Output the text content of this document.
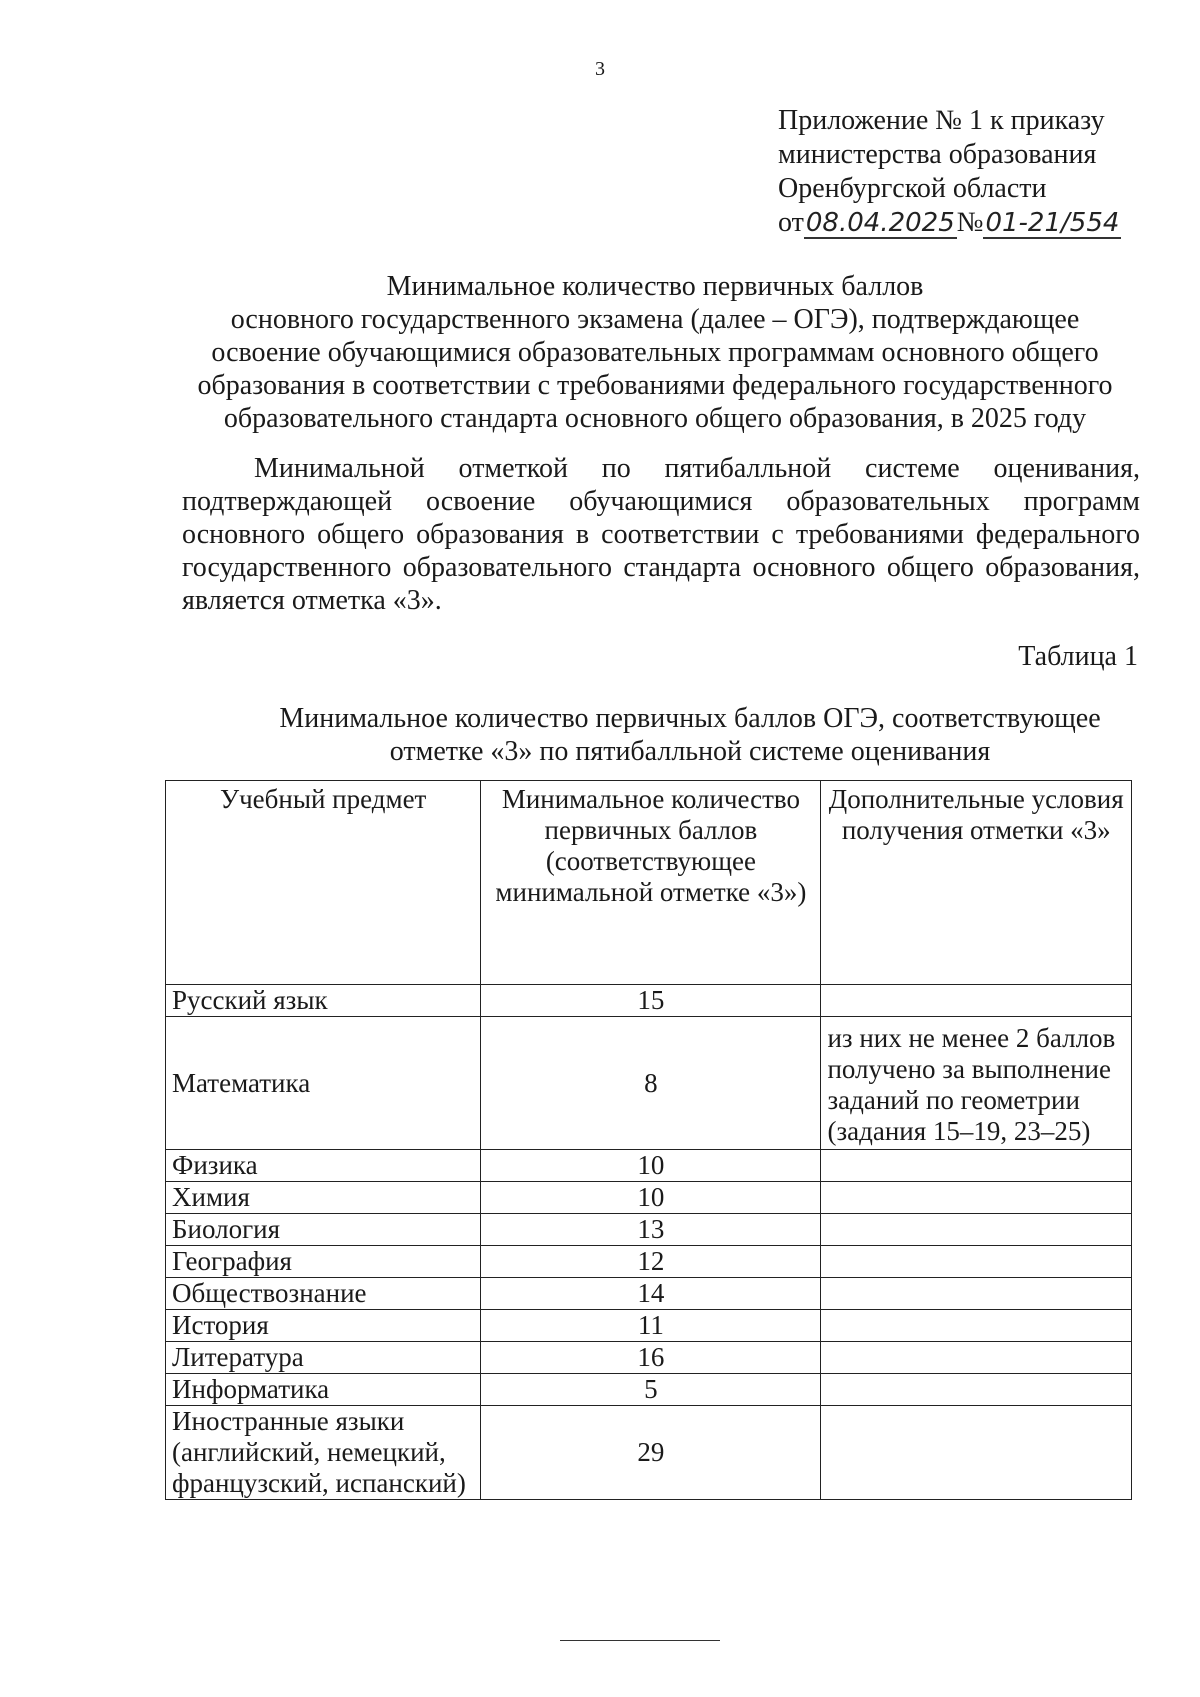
3
Приложение № 1 к приказу
министерства образования
Оренбургской области
от08.04.2025№01-21/554
Минимальное количество первичных баллов
основного государственного экзамена (далее – ОГЭ), подтверждающее
освоение обучающимися образовательных программам основного общего
образования в соответствии с требованиями федерального государственного
образовательного стандарта основного общего образования, в 2025 году
Минимальной отметкой по пятибалльной системе оценивания, подтверждающей освоение обучающимися образовательных программ основного общего образования в соответствии с требованиями федерального государственного образовательного стандарта основного общего образования, является отметка «3».
Таблица 1
Минимальное количество первичных баллов ОГЭ, соответствующее
отметке «3» по пятибалльной системе оценивания
Учебный предмет	Минимальное количество первичных баллов (соответствующее минимальной отметке «3»)	Дополнительные условия получения отметки «3»
Русский язык	15	
Математика	8	из них не менее 2 баллов получено за выполнение заданий по геометрии (задания 15–19, 23–25)
Физика	10	
Химия	10	
Биология	13	
География	12	
Обществознание	14	
История	11	
Литература	16	
Информатика	5	
Иностранные языки (английский, немецкий, французский, испанский)	29	
